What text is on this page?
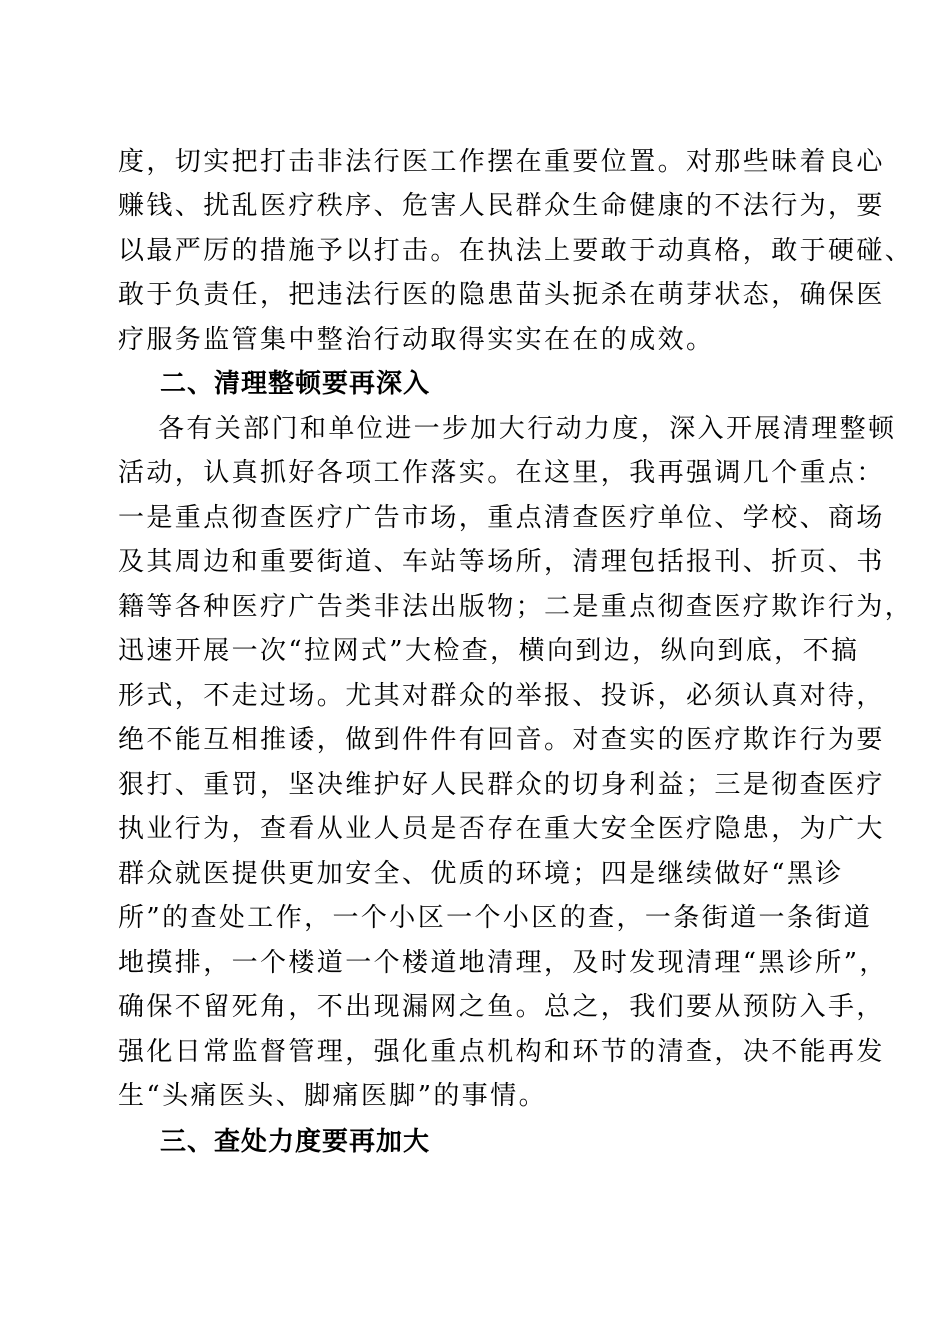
度，切实把打击非法行医工作摆在重要位置。对那些昧着良心
赚钱、扰乱医疗秩序、危害人民群众生命健康的不法行为，要
以最严厉的措施予以打击。在执法上要敢于动真格，敢于硬碰、
敢于负责任，把违法行医的隐患苗头扼杀在萌芽状态，确保医
疗服务监管集中整治行动取得实实在在的成效。
二、清理整顿要再深入
各有关部门和单位进一步加大行动力度，深入开展清理整顿
活动，认真抓好各项工作落实。在这里，我再强调几个重点：
一是重点彻查医疗广告市场，重点清查医疗单位、学校、商场
及其周边和重要街道、车站等场所，清理包括报刊、折页、书
籍等各种医疗广告类非法出版物；二是重点彻查医疗欺诈行为，
迅速开展一次“拉网式”大检查，横向到边，纵向到底，不搞
形式，不走过场。尤其对群众的举报、投诉，必须认真对待，
绝不能互相推诿，做到件件有回音。对查实的医疗欺诈行为要
狠打、重罚，坚决维护好人民群众的切身利益；三是彻查医疗
执业行为，查看从业人员是否存在重大安全医疗隐患，为广大
群众就医提供更加安全、优质的环境；四是继续做好“黑诊
所”的查处工作，一个小区一个小区的查，一条街道一条街道
地摸排，一个楼道一个楼道地清理，及时发现清理“黑诊所”，
确保不留死角，不出现漏网之鱼。总之，我们要从预防入手，
强化日常监督管理，强化重点机构和环节的清查，决不能再发
生“头痛医头、脚痛医脚”的事情。
三、查处力度要再加大
